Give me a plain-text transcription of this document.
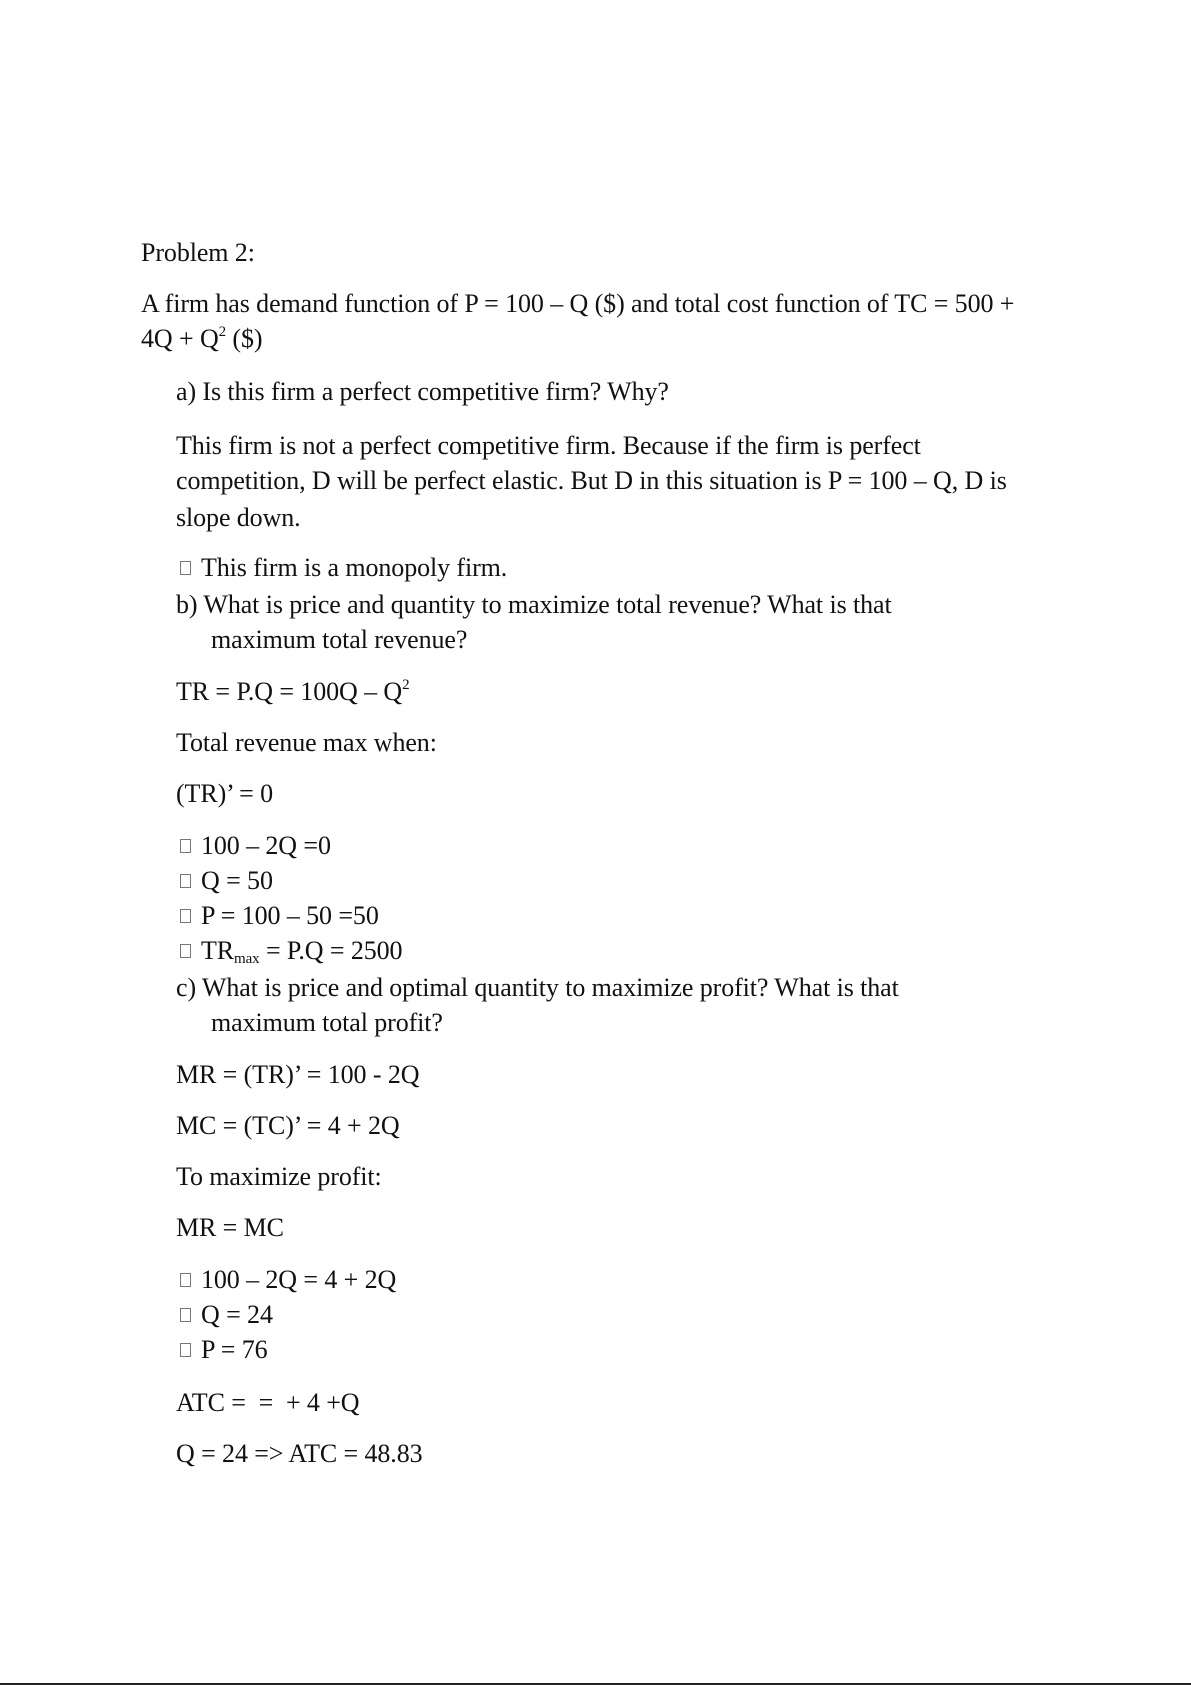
Problem 2:
A firm has demand function of P = 100 – Q ($) and total cost function of TC = 500 +
$4Q + Q^2$ ($)
a) Is this firm a perfect competitive firm? Why?
This firm is not a perfect competitive firm. Because if the firm is perfect
competition, D will be perfect elastic. But D in this situation is P = 100 – Q, D is
slope down.
This firm is a monopoly firm.
b) What is price and quantity to maximize total revenue? What is that
maximum total revenue?
TR = $P.Q = 100Q - Q^2$
Total revenue max when:
(TR)’ = 0
100 – 2Q =0
Q = 50
P = 100 – 50 =50
$TR_{max} = P.Q = 2500$
c) What is price and optimal quantity to maximize profit? What is that
maximum total profit?
MR = (TR)’ = 100 - 2Q
MC = (TC)’ = 4 + 2Q
To maximize profit:
MR = MC
100 – 2Q = 4 + 2Q
Q = 24
P = 76
ATC =  =  + 4 +Q
Q = 24 => ATC = 48.83
